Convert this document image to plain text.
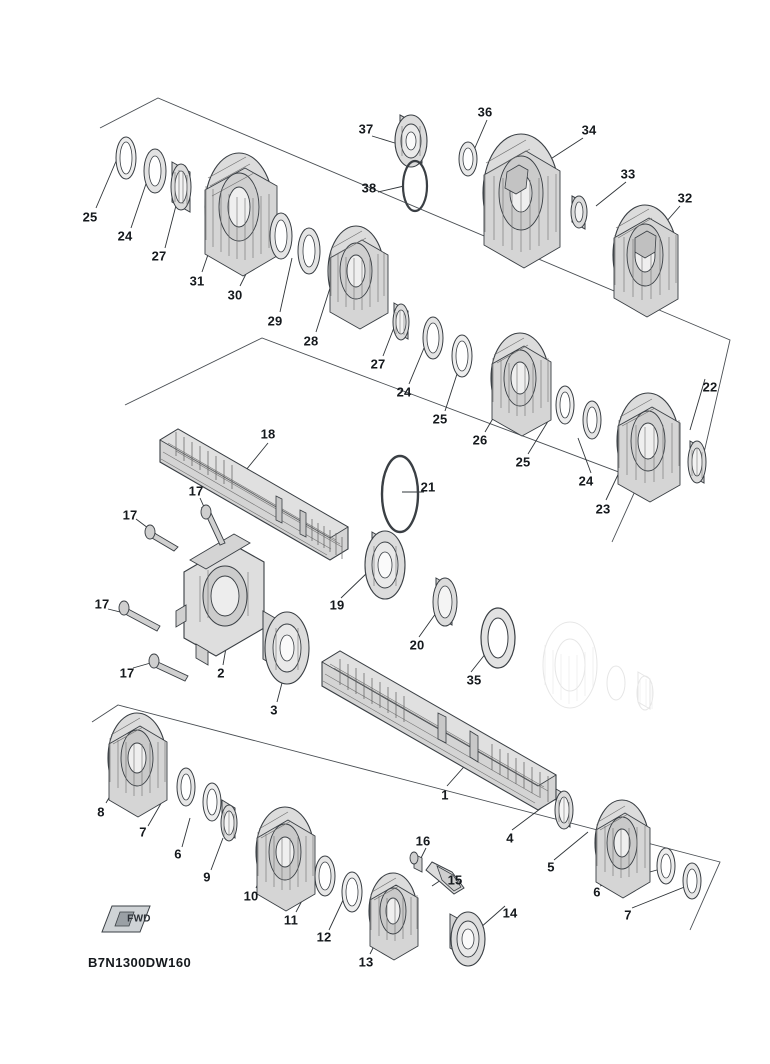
1
2
3
4
5
6
6
7
7
8
9
10
11
12
13
14
15
16
17
17
17
17
18
19
20
21
22
23
24
24
24
25
25
25
26
27
27
28
29
30
31
32
33
34
35
36
37
38
FWD
B7N1300DW160
